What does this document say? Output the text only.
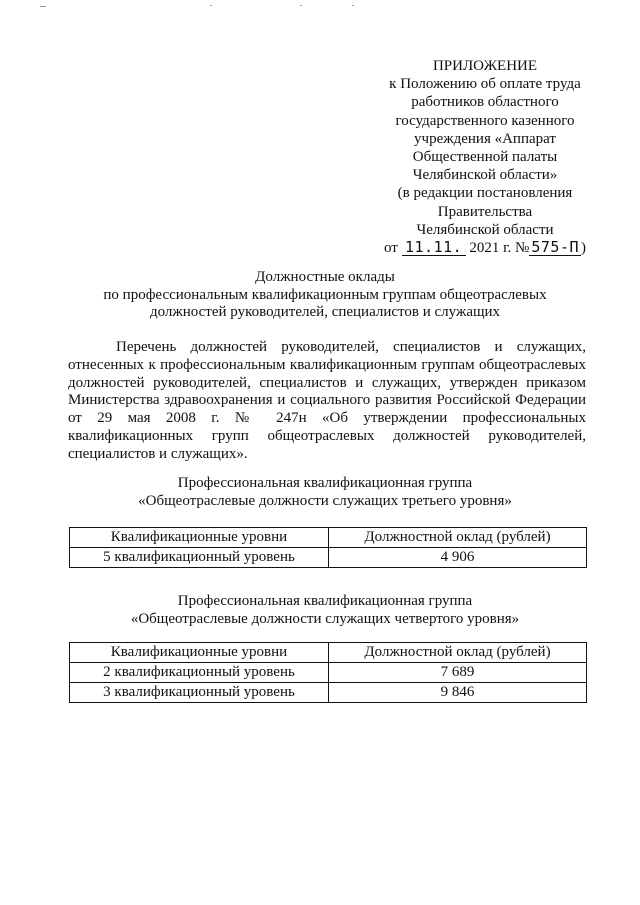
ПРИЛОЖЕНИЕ
к Положению об оплате труда
работников областного
государственного казенного
учреждения «Аппарат
Общественной палаты
Челябинской области»
(в редакции постановления
Правительства
Челябинской области
от 11.11. 2021 г. № 575-П )
Должностные оклады
по профессиональным квалификационным группам общеотраслевых
должностей руководителей, специалистов и служащих
Перечень должностей руководителей, специалистов и служащих, отнесенных к профессиональным квалификационным группам общеотраслевых должностей руководителей, специалистов и служащих, утвержден приказом Министерства здравоохранения и социального развития Российской Федерации от 29 мая 2008 г. № 247н «Об утверждении профессиональных квалификационных групп общеотраслевых должностей руководителей, специалистов и служащих».
Профессиональная квалификационная группа
«Общеотраслевые должности служащих третьего уровня»
Квалификационные уровни	Должностной оклад (рублей)
5 квалификационный уровень	4 906
Профессиональная квалификационная группа
«Общеотраслевые должности служащих четвертого уровня»
Квалификационные уровни	Должностной оклад (рублей)
2 квалификационный уровень	7 689
3 квалификационный уровень	9 846
